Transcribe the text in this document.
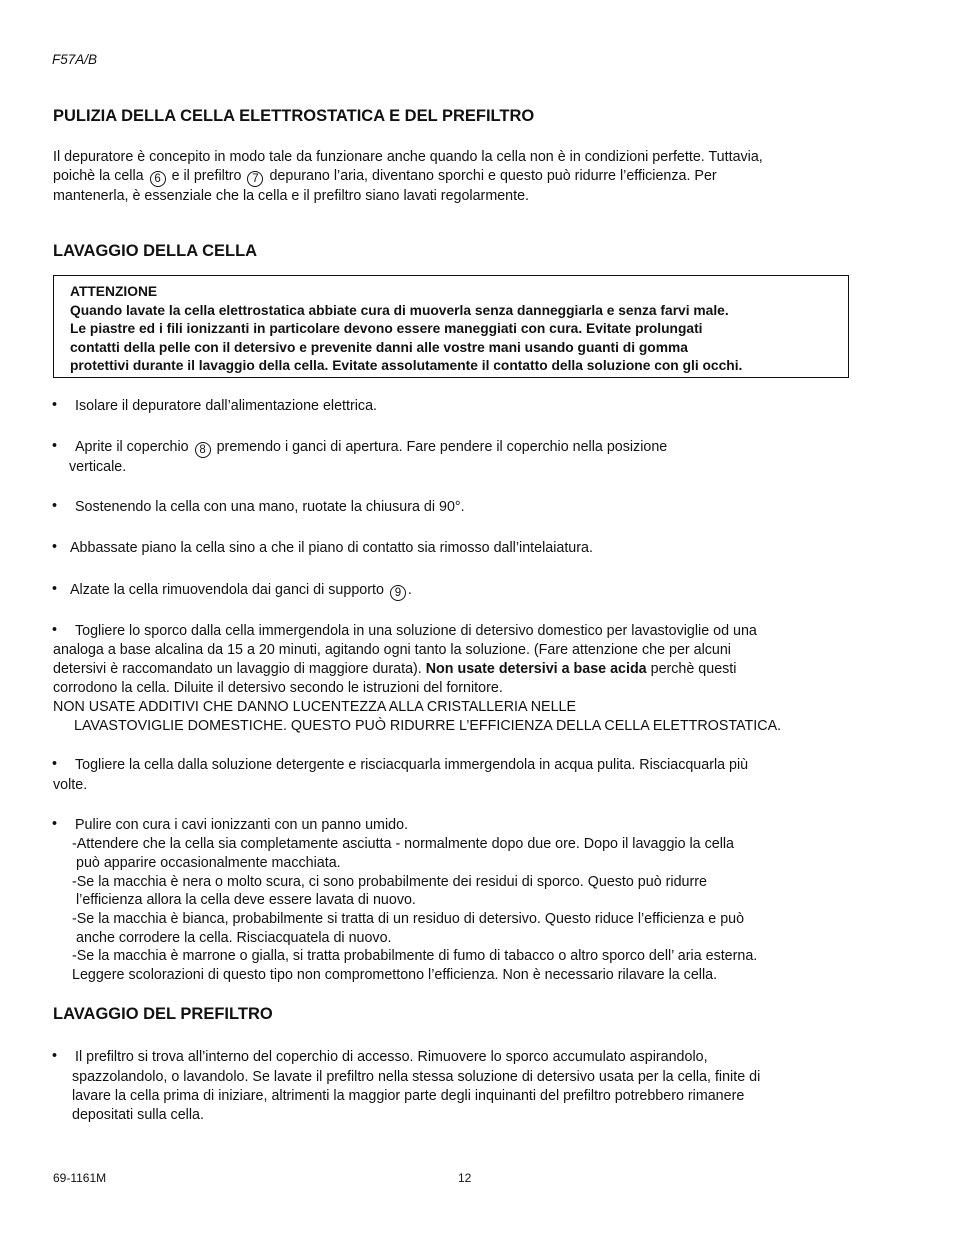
F57A/B
PULIZIA DELLA CELLA ELETTROSTATICA E DEL PREFILTRO
Il depuratore è concepito in modo tale da funzionare anche quando la cella non è in condizioni perfette. Tuttavia,
poichè la cella 6 e il prefiltro 7 depurano l’aria, diventano sporchi e questo può ridurre l’efficienza. Per
mantenerla, è essenziale che la cella e il prefiltro siano lavati regolarmente.
LAVAGGIO DELLA CELLA
ATTENZIONE
Quando lavate la cella elettrostatica abbiate cura di muoverla senza danneggiarla e senza farvi male.
Le piastre ed i fili ionizzanti in particolare devono essere maneggiati con cura. Evitate prolungati
contatti della pelle con il detersivo e prevenite danni alle vostre mani usando guanti di gomma
protettivi durante il lavaggio della cella. Evitate assolutamente il contatto della soluzione con gli occhi.
• Isolare il depuratore dall’alimentazione elettrica.
• Aprite il coperchio 8 premendo i ganci di apertura. Fare pendere il coperchio nella posizione
verticale.
• Sostenendo la cella con una mano, ruotate la chiusura di 90°.
• Abbassate piano la cella sino a che il piano di contatto sia rimosso dall’intelaiatura.
• Alzate la cella rimuovendola dai ganci di supporto 9 .
• Togliere lo sporco dalla cella immergendola in una soluzione di detersivo domestico per lavastoviglie od una
analoga a base alcalina da 15 a 20 minuti, agitando ogni tanto la soluzione. (Fare attenzione che per alcuni
detersivi è raccomandato un lavaggio di maggiore durata). Non usate detersivi a base acida perchè questi
corrodono la cella. Diluite il detersivo secondo le istruzioni del fornitore.
NON USATE ADDITIVI CHE DANNO LUCENTEZZA ALLA CRISTALLERIA NELLE
LAVASTOVIGLIE DOMESTICHE. QUESTO PUÒ RIDURRE L’EFFICIENZA DELLA CELLA ELETTROSTATICA.
• Togliere la cella dalla soluzione detergente e risciacquarla immergendola in acqua pulita. Risciacquarla più
volte.
• Pulire con cura i cavi ionizzanti con un panno umido.
-Attendere che la cella sia completamente asciutta - normalmente dopo due ore. Dopo il lavaggio la cella
può apparire occasionalmente macchiata.
-Se la macchia è nera o molto scura, ci sono probabilmente dei residui di sporco. Questo può ridurre
l’efficienza allora la cella deve essere lavata di nuovo.
-Se la macchia è bianca, probabilmente si tratta di un residuo di detersivo. Questo riduce l’efficienza e può
anche corrodere la cella. Risciacquatela di nuovo.
-Se la macchia è marrone o gialla, si tratta probabilmente di fumo di tabacco o altro sporco dell’ aria esterna.
Leggere scolorazioni di questo tipo non compromettono l’efficienza. Non è necessario rilavare la cella.
LAVAGGIO DEL PREFILTRO
• Il prefiltro si trova all’interno del coperchio di accesso. Rimuovere lo sporco accumulato aspirandolo,
spazzolandolo, o lavandolo. Se lavate il prefiltro nella stessa soluzione di detersivo usata per la cella, finite di
lavare la cella prima di iniziare, altrimenti la maggior parte degli inquinanti del prefiltro potrebbero rimanere
depositati sulla cella.
69-1161M	12
